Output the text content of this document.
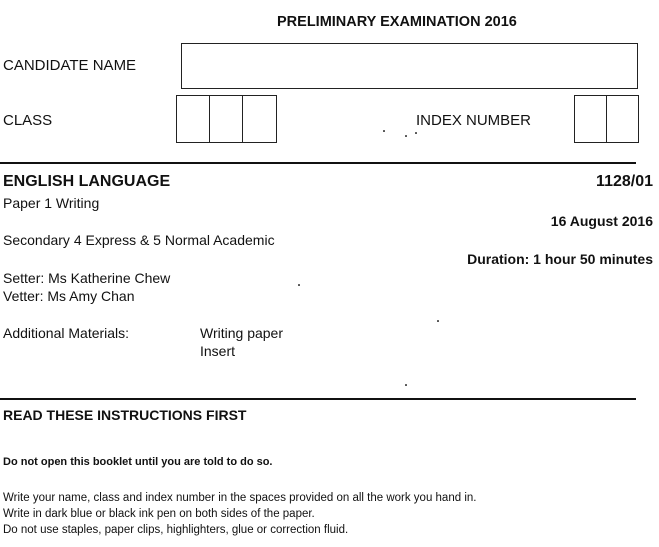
PRELIMINARY EXAMINATION 2016
CANDIDATE NAME
CLASS	INDEX NUMBER
ENGLISH LANGUAGE	1128/01
Paper 1 Writing
16 August 2016
Secondary 4 Express & 5 Normal Academic
Duration: 1 hour 50 minutes
Setter: Ms Katherine Chew
Vetter: Ms Amy Chan
Additional Materials:	Writing paper
Insert
READ THESE INSTRUCTIONS FIRST
Do not open this booklet until you are told to do so.
Write your name, class and index number in the spaces provided on all the work you hand in.
Write in dark blue or black ink pen on both sides of the paper.
Do not use staples, paper clips, highlighters, glue or correction fluid.
